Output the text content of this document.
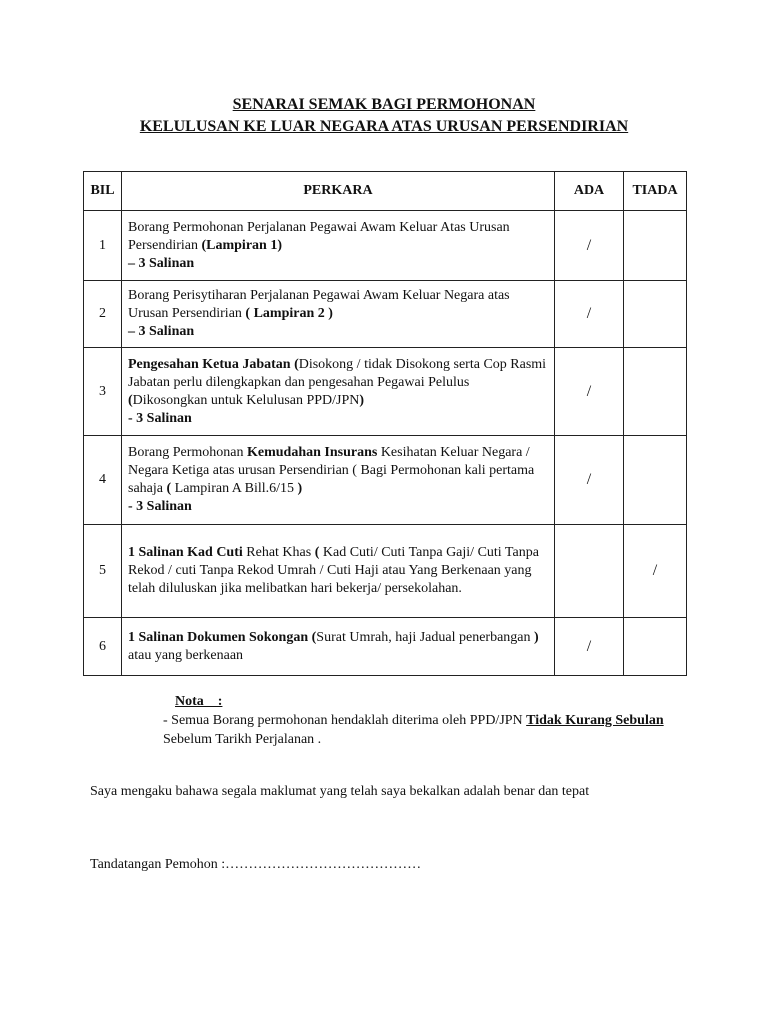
SENARAI SEMAK BAGI PERMOHONAN
KELULUSAN KE LUAR NEGARA ATAS URUSAN PERSENDIRIAN
BIL	PERKARA	ADA	TIADA
1	Borang Permohonan Perjalanan Pegawai Awam Keluar Atas Urusan Persendirian (Lampiran 1)
– 3 Salinan	/	
2	Borang Perisytiharan Perjalanan Pegawai Awam Keluar Negara atas Urusan Persendirian ( Lampiran 2 )
– 3 Salinan	/	
3	Pengesahan Ketua Jabatan (Disokong / tidak Disokong serta Cop Rasmi Jabatan perlu dilengkapkan dan pengesahan Pegawai Pelulus (Dikosongkan untuk Kelulusan PPD/JPN)
- 3 Salinan	/	
4	Borang Permohonan Kemudahan Insurans Kesihatan Keluar Negara / Negara Ketiga atas urusan Persendirian ( Bagi Permohonan kali pertama sahaja ( Lampiran A Bill.6/15 )
- 3 Salinan	/	
5	1 Salinan Kad Cuti Rehat Khas ( Kad Cuti/ Cuti Tanpa Gaji/ Cuti Tanpa Rekod / cuti Tanpa Rekod Umrah / Cuti Haji atau Yang Berkenaan yang telah diluluskan jika melibatkan hari bekerja/ persekolahan.		/
6	1 Salinan Dokumen Sokongan (Surat Umrah, haji Jadual penerbangan ) atau yang berkenaan	/	
Nota    :
- Semua Borang permohonan hendaklah diterima oleh PPD/JPN Tidak Kurang Sebulan Sebelum Tarikh Perjalanan .
Saya mengaku bahawa segala maklumat yang telah saya bekalkan adalah benar dan tepat
Tandatangan Pemohon :……………………………………
